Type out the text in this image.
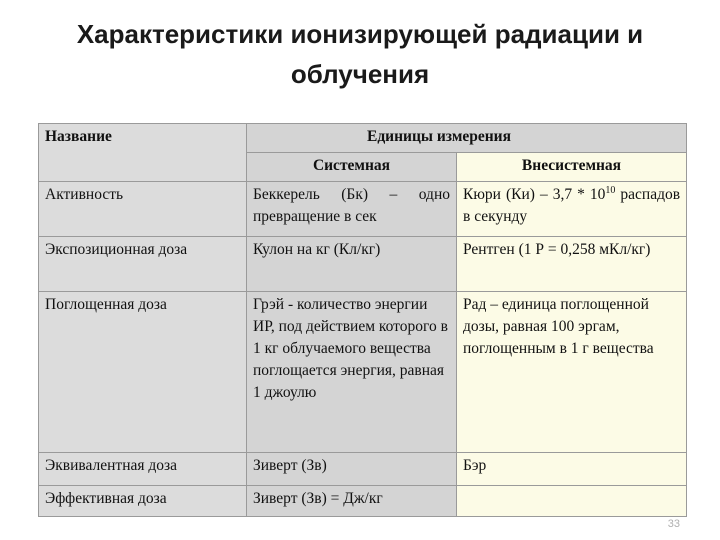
Характеристики ионизирующей радиации и
облучения
Название	Единицы измерения	
	Системная	Внесистемная
Активность	Беккерель (Бк) – одно превращение в сек	Кюри $(Ки) - 3,7 * 10^{10}$ распадов в секунду
Экспозиционная доза	Кулон на кг (Кл/кг)	Рентген (1 Р = 0,258 мКл/кг)
Поглощенная доза	Грэй - количество энергии ИР, под действием которого в 1 кг облучаемого вещества поглощается энергия, равная 1 джоулю	Рад – единица поглощенной дозы, равная 100 эргам, поглощенным в 1 г вещества
Эквивалентная доза	Зиверт (Зв)	Бэр
Эффективная доза	Зиверт (Зв) = Дж/кг	
33
